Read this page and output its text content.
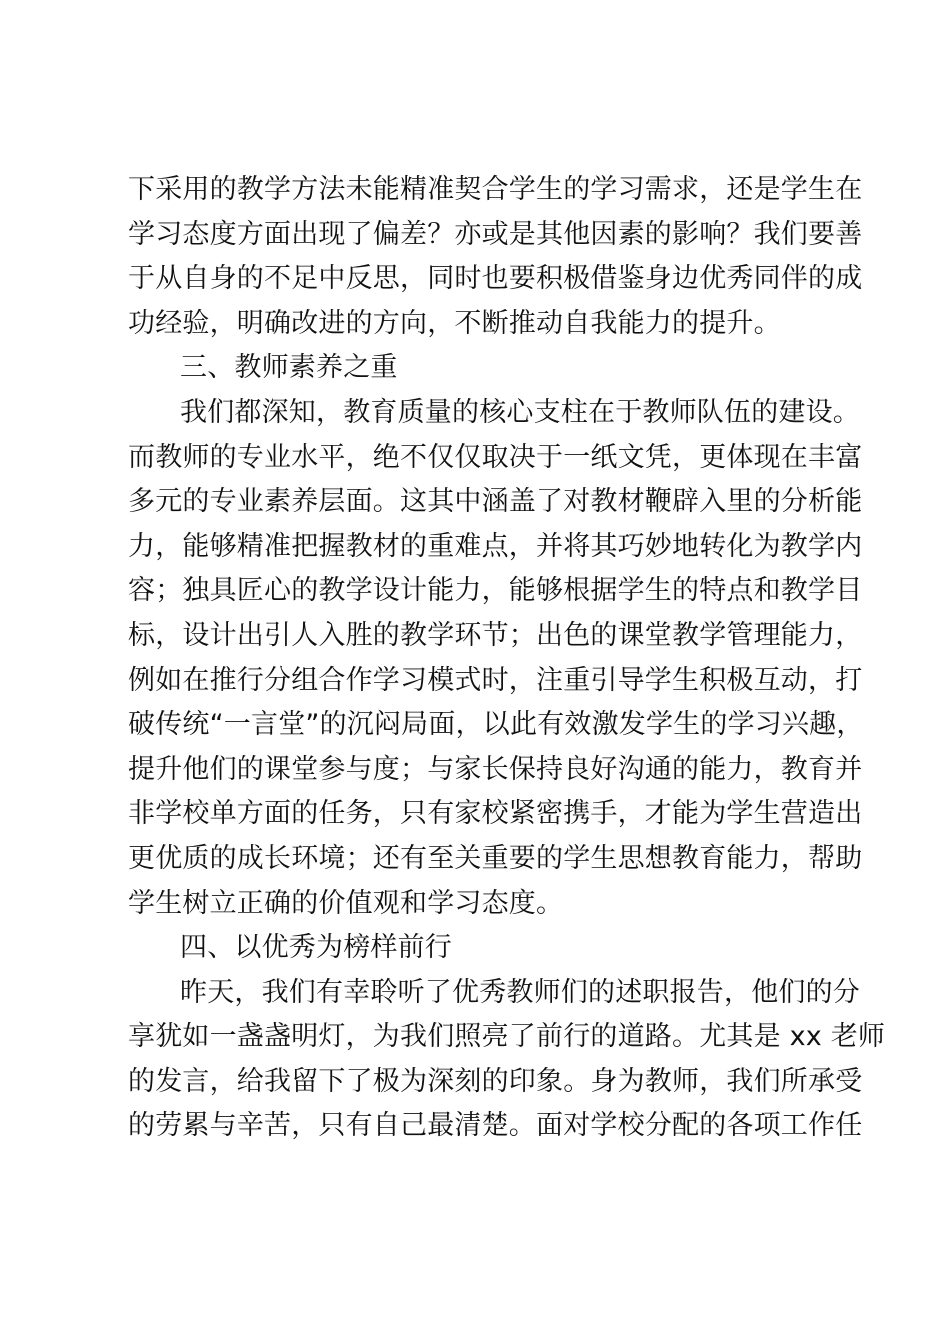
下采用的教学方法未能精准契合学生的学习需求，还是学生在
学习态度方面出现了偏差？亦或是其他因素的影响？我们要善
于从自身的不足中反思，同时也要积极借鉴身边优秀同伴的成
功经验，明确改进的方向，不断推动自我能力的提升。
三、教师素养之重
我们都深知，教育质量的核心支柱在于教师队伍的建设。
而教师的专业水平，绝不仅仅取决于一纸文凭，更体现在丰富
多元的专业素养层面。这其中涵盖了对教材鞭辟入里的分析能
力，能够精准把握教材的重难点，并将其巧妙地转化为教学内
容；独具匠心的教学设计能力，能够根据学生的特点和教学目
标，设计出引人入胜的教学环节；出色的课堂教学管理能力，
例如在推行分组合作学习模式时，注重引导学生积极互动，打
破传统“一言堂”的沉闷局面，以此有效激发学生的学习兴趣，
提升他们的课堂参与度；与家长保持良好沟通的能力，教育并
非学校单方面的任务，只有家校紧密携手，才能为学生营造出
更优质的成长环境；还有至关重要的学生思想教育能力，帮助
学生树立正确的价值观和学习态度。
四、以优秀为榜样前行
昨天，我们有幸聆听了优秀教师们的述职报告，他们的分
享犹如一盏盏明灯，为我们照亮了前行的道路。尤其是 xx 老师
的发言，给我留下了极为深刻的印象。身为教师，我们所承受
的劳累与辛苦，只有自己最清楚。面对学校分配的各项工作任
